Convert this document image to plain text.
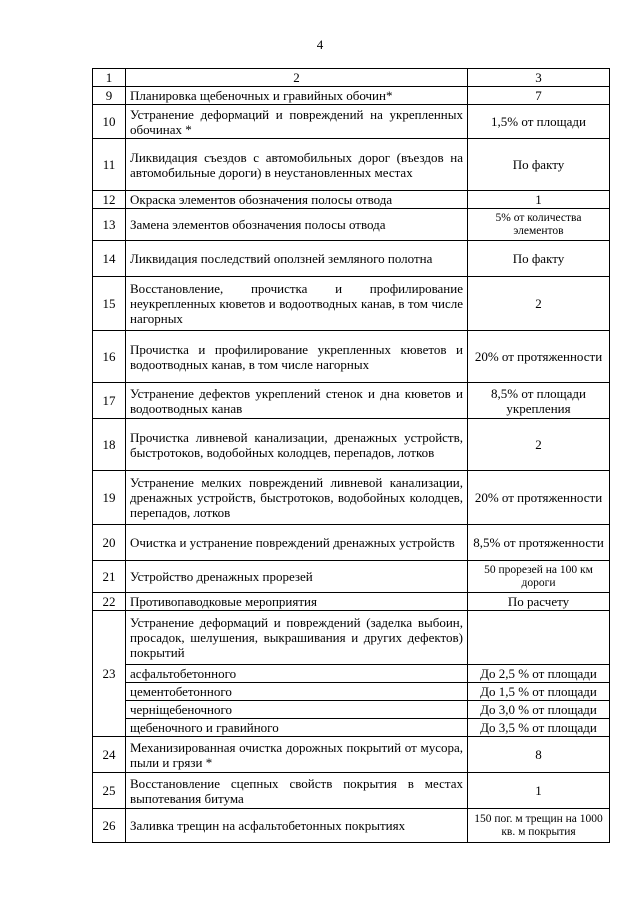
4
1	2	3
9	Планировка щебеночных и гравийных обочин*	7
10	Устранение деформаций и повреждений на укрепленных обочинах *	1,5% от площади
11	Ликвидация съездов с автомобильных дорог (въездов на автомобильные дороги) в неустановленных местах	По факту
12	Окраска элементов обозначения полосы отвода	1
13	Замена элементов обозначения полосы отвода	5% от количества элементов
14	Ликвидация последствий оползней земляного полотна	По факту
15	Восстановление, прочистка и профилирование неукрепленных кюветов и водоотводных канав, в том числе нагорных	2
16	Прочистка и профилирование укрепленных кюветов и водоотводных канав, в том числе нагорных	20% от протяженности
17	Устранение дефектов укреплений стенок и дна кюветов и водоотводных канав	8,5% от площади укрепления
18	Прочистка ливневой канализации, дренажных устройств, быстротоков, водобойных колодцев, перепадов, лотков	2
19	Устранение мелких повреждений ливневой канализации, дренажных устройств, быстротоков, водобойных колодцев, перепадов, лотков	20% от протяженности
20	Очистка и устранение повреждений дренажных устройств	8,5% от протяженности
21	Устройство дренажных прорезей	50 прорезей на 100 км дороги
22	Противопаводковые мероприятия	По расчету
23	Устранение деформаций и повреждений (заделка выбоин, просадок, шелушения, выкрашивания и других дефектов) покрытий	
	асфальтобетонного	До 2,5 % от площади
	цементобетонного	До 1,5 % от площади
	черніщебеночного	До 3,0 % от площади
	щебеночного и гравийного	До 3,5 % от площади
24	Механизированная очистка дорожных покрытий от мусора, пыли и грязи *	8
25	Восстановление сцепных свойств покрытия в местах выпотевания битума	1
26	Заливка трещин на асфальтобетонных покрытиях	150 пог. м трещин на 1000 кв. м покрытия
